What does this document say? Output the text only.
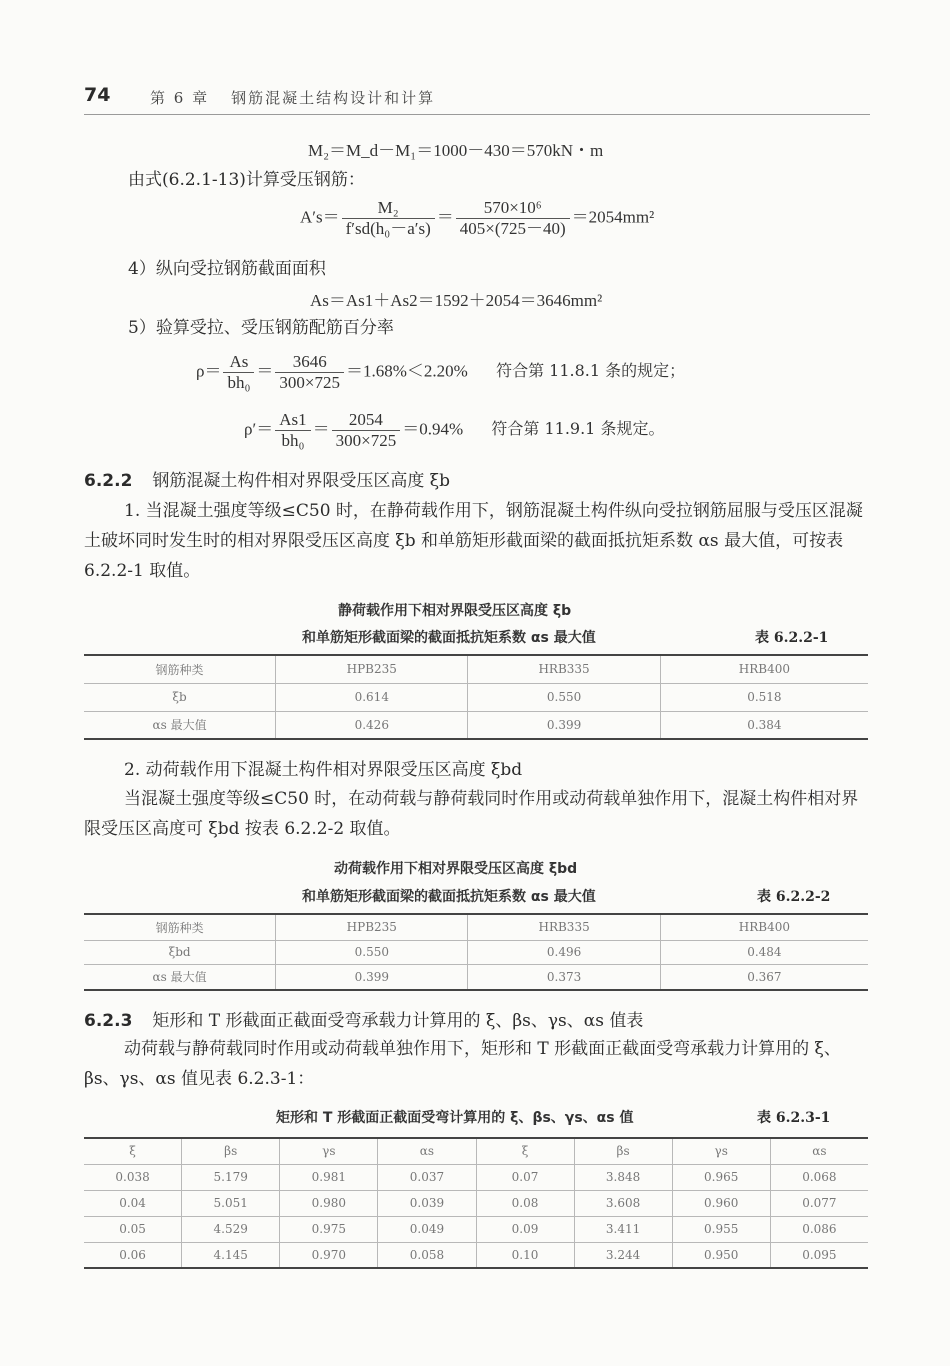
74	第 6 章 钢筋混凝土结构设计和计算
M₂＝M_d－M₁＝1000－430＝570kN・m
由式(6.2.1-13)计算受压钢筋：
$A's= \frac{\text{M₂}}{\text{f′sd(h₀－a′s)}} = \frac{\text{570×10⁶}}{405\times(725-40)} =2054mm^2$
4）纵向受拉钢筋截面面积
As＝As1＋As2＝1592＋2054＝3646mm²
5）验算受拉、受压钢筋配筋百分率
$\rho= \frac{As}{\text{bh₀}} = \frac{3646}{300\times 725} =1.68\%<2.20\%$ 符合第 11.8.1 条的规定；
$\rho'= \frac{As1}{\text{bh₀}} = \frac{2054}{300\times 725} =0.94\%$ 符合第 11.9.1 条规定。
6.2.2 钢筋混凝土构件相对界限受压区高度 ξb
1. 当混凝土强度等级≤C50 时，在静荷载作用下，钢筋混凝土构件纵向受拉钢筋屈服与受压区混凝土破坏同时发生时的相对界限受压区高度 ξb 和单筋矩形截面梁的截面抵抗矩系数 αs 最大值，可按表 6.2.2-1 取值。
静荷载作用下相对界限受压区高度 ξb
和单筋矩形截面梁的截面抵抗矩系数 αs 最大值	表 6.2.2-1
钢筋种类	HPB235	HRB335	HRB400
ξb	0.614	0.550	0.518
αs 最大值	0.426	0.399	0.384
2. 动荷载作用下混凝土构件相对界限受压区高度 ξbd
当混凝土强度等级≤C50 时，在动荷载与静荷载同时作用或动荷载单独作用下，混凝土构件相对界限受压区高度可 ξbd 按表 6.2.2-2 取值。
动荷载作用下相对界限受压区高度 ξbd
和单筋矩形截面梁的截面抵抗矩系数 αs 最大值	表 6.2.2-2
钢筋种类	HPB235	HRB335	HRB400
ξbd	0.550	0.496	0.484
αs 最大值	0.399	0.373	0.367
6.2.3 矩形和 T 形截面正截面受弯承载力计算用的 ξ、βs、γs、αs 值表
动荷载与静荷载同时作用或动荷载单独作用下，矩形和 T 形截面正截面受弯承载力计算用的 ξ、βs、γs、αs 值见表 6.2.3-1：
矩形和 T 形截面正截面受弯计算用的 ξ、βs、γs、αs 值	表 6.2.3-1
ξ	βs	γs	αs	ξ	βs	γs	αs
0.038	5.179	0.981	0.037	0.07	3.848	0.965	0.068
0.04	5.051	0.980	0.039	0.08	3.608	0.960	0.077
0.05	4.529	0.975	0.049	0.09	3.411	0.955	0.086
0.06	4.145	0.970	0.058	0.10	3.244	0.950	0.095
